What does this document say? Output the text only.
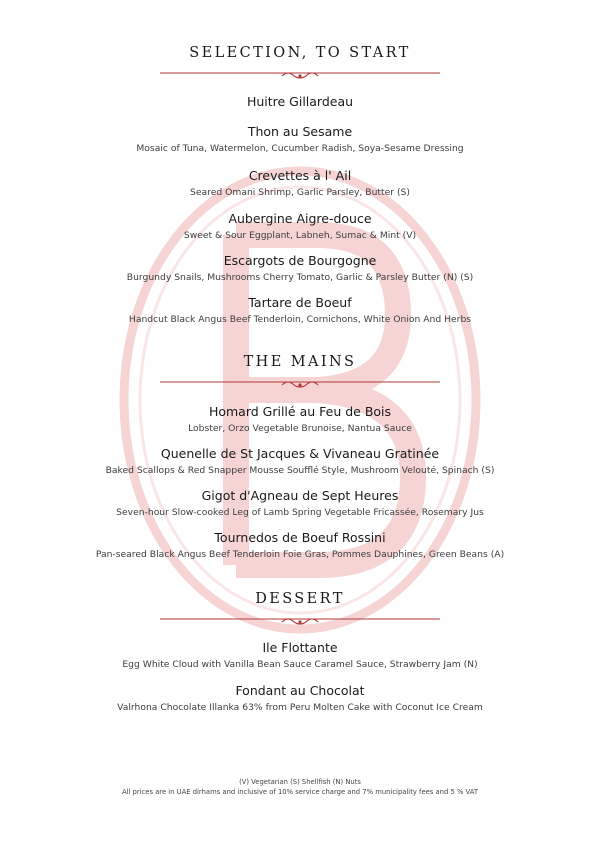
SELECTION, TO START
Huitre Gillardeau
Thon au Sesame
Mosaic of Tuna, Watermelon, Cucumber Radish, Soya-Sesame Dressing
Crevettes à l' Ail
Seared Omani Shrimp, Garlic Parsley, Butter (S)
Aubergine Aigre-douce
Sweet & Sour Eggplant, Labneh, Sumac & Mint (V)
Escargots de Bourgogne
Burgundy Snails, Mushrooms Cherry Tomato, Garlic & Parsley Butter (N) (S)
Tartare de Boeuf
Handcut Black Angus Beef Tenderloin, Cornichons, White Onion And Herbs
THE MAINS
Homard Grillé au Feu de Bois
Lobster, Orzo Vegetable Brunoise, Nantua Sauce
Quenelle de St Jacques & Vivaneau Gratinée
Baked Scallops & Red Snapper Mousse Soufflé Style, Mushroom Velouté, Spinach (S)
Gigot d'Agneau de Sept Heures
Seven-hour Slow-cooked Leg of Lamb Spring Vegetable Fricassée, Rosemary Jus
Tournedos de Boeuf Rossini
Pan-seared Black Angus Beef Tenderloin Foie Gras, Pommes Dauphines, Green Beans (A)
DESSERT
Ile Flottante
Egg White Cloud with Vanilla Bean Sauce Caramel Sauce, Strawberry Jam (N)
Fondant au Chocolat
Valrhona Chocolate Illanka 63% from Peru Molten Cake with Coconut Ice Cream
(V) Vegetarian (S) Shellfish (N) Nuts
All prices are in UAE dirhams and inclusive of 10% service charge and 7% municipality fees and 5 % VAT
